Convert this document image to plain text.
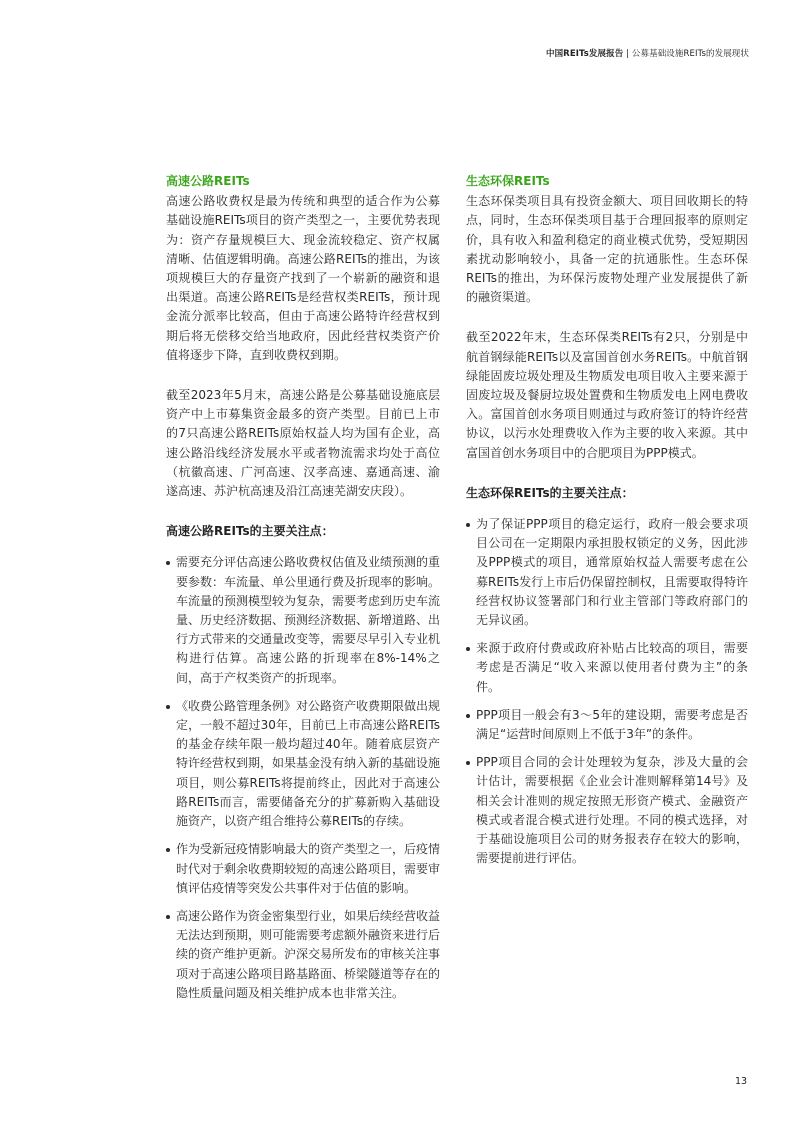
中国REITs发展报告 | 公募基础设施REITs的发展现状
高速公路REITs

高速公路收费权是最为传统和典型的适合作为公募基础设施REITs项目的资产类型之一，主要优势表现为：资产存量规模巨大、现金流较稳定、资产权属清晰、估值逻辑明确。高速公路REITs的推出，为该项规模巨大的存量资产找到了一个崭新的融资和退出渠道。高速公路REITs是经营权类REITs，预计现金流分派率比较高，但由于高速公路特许经营权到期后将无偿移交给当地政府，因此经营权类资产价值将逐步下降，直到收费权到期。

截至2023年5月末，高速公路是公募基础设施底层资产中上市募集资金最多的资产类型。目前已上市的7只高速公路REITs原始权益人均为国有企业，高速公路沿线经济发展水平或者物流需求均处于高位（杭徽高速、广河高速、汉孝高速、嘉通高速、渝遂高速、苏沪杭高速及沿江高速芜湖安庆段）。

高速公路REITs的主要关注点：
需要充分评估高速公路收费权估值及业绩预测的重要参数：车流量、单公里通行费及折现率的影响。车流量的预测模型较为复杂，需要考虑到历史车流量、历史经济数据、预测经济数据、新增道路、出行方式带来的交通量改变等，需要尽早引入专业机构进行估算。高速公路的折现率在8%-14%之间，高于产权类资产的折现率。
《收费公路管理条例》对公路资产收费期限做出规定，一般不超过30年，目前已上市高速公路REITs的基金存续年限一般均超过40年。随着底层资产特许经营权到期，如果基金没有纳入新的基础设施项目，则公募REITs将提前终止，因此对于高速公路REITs而言，需要储备充分的扩募新购入基础设施资产，以资产组合维持公募REITs的存续。
作为受新冠疫情影响最大的资产类型之一，后疫情时代对于剩余收费期较短的高速公路项目，需要审慎评估疫情等突发公共事件对于估值的影响。
高速公路作为资金密集型行业，如果后续经营收益无法达到预期，则可能需要考虑额外融资来进行后续的资产维护更新。沪深交易所发布的审核关注事项对于高速公路项目路基路面、桥梁隧道等存在的隐性质量问题及相关维护成本也非常关注。
生态环保REITs

生态环保类项目具有投资金额大、项目回收期长的特点，同时，生态环保类项目基于合理回报率的原则定价，具有收入和盈利稳定的商业模式优势，受短期因素扰动影响较小，具备一定的抗通胀性。生态环保REITs的推出，为环保污废物处理产业发展提供了新的融资渠道。

截至2022年末，生态环保类REITs有2只，分别是中航首钢绿能REITs以及富国首创水务REITs。中航首钢绿能固废垃圾处理及生物质发电项目收入主要来源于固废垃圾及餐厨垃圾处置费和生物质发电上网电费收入。富国首创水务项目则通过与政府签订的特许经营协议，以污水处理费收入作为主要的收入来源。其中富国首创水务项目中的合肥项目为PPP模式。

生态环保REITs的主要关注点：
为了保证PPP项目的稳定运行，政府一般会要求项目公司在一定期限内承担股权锁定的义务，因此涉及PPP模式的项目，通常原始权益人需要考虑在公募REITs发行上市后仍保留控制权，且需要取得特许经营权协议签署部门和行业主管部门等政府部门的无异议函。
来源于政府付费或政府补贴占比较高的项目，需要考虑是否满足“收入来源以使用者付费为主”的条件。
PPP项目一般会有3～5年的建设期，需要考虑是否满足“运营时间原则上不低于3年”的条件。
PPP项目合同的会计处理较为复杂，涉及大量的会计估计，需要根据《企业会计准则解释第14号》及相关会计准则的规定按照无形资产模式、金融资产模式或者混合模式进行处理。不同的模式选择，对于基础设施项目公司的财务报表存在较大的影响，需要提前进行评估。
13
